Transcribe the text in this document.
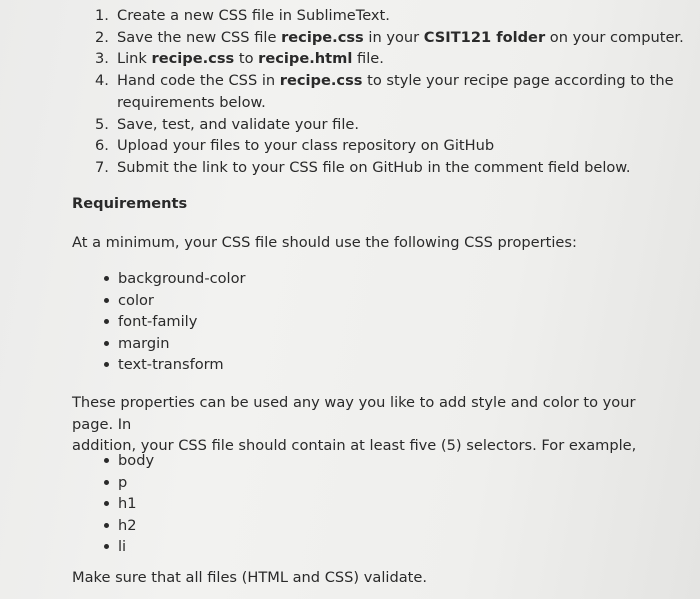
1. Create a new CSS file in SublimeText.
2. Save the new CSS file recipe.css in your CSIT121 folder on your computer.
3. Link recipe.css to recipe.html file.
4. Hand code the CSS in recipe.css to style your recipe page according to the
requirements below.
5. Save, test, and validate your file.
6. Upload your files to your class repository on GitHub
7. Submit the link to your CSS file on GitHub in the comment field below.
Requirements
At a minimum, your CSS file should use the following CSS properties:
background-color
color
font-family
margin
text-transform
These properties can be used any way you like to add style and color to your page. In
addition, your CSS file should contain at least five (5) selectors. For example,
body
p
h1
h2
li
Make sure that all files (HTML and CSS) validate.
